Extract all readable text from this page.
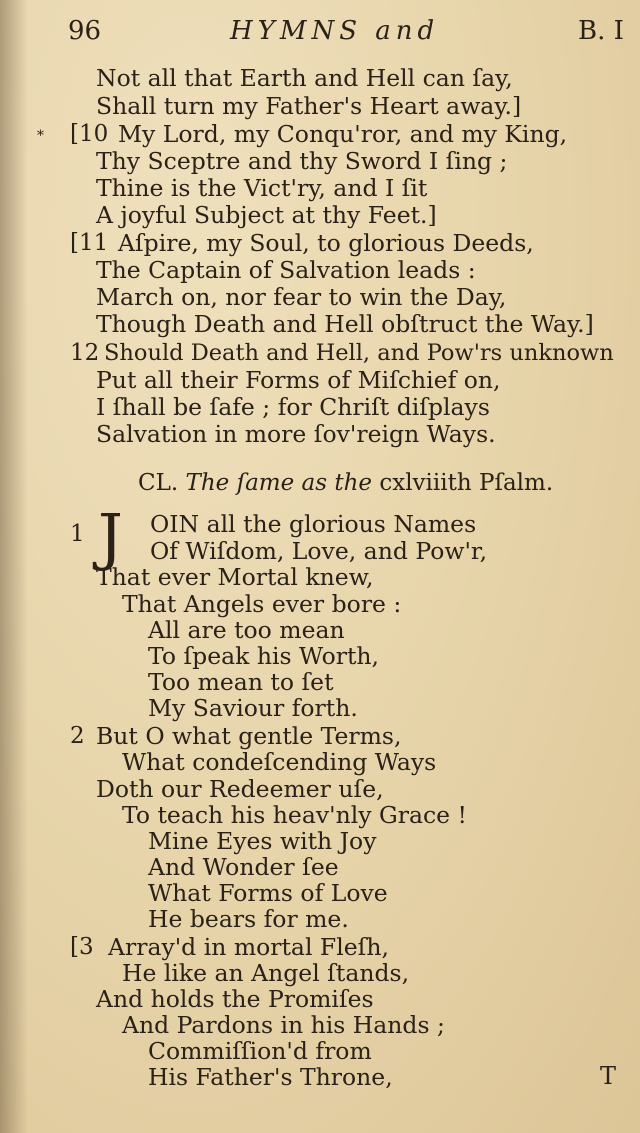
96	HYMNS and	B. I
*
Not all that Earth and Hell can ſay,
Shall turn my Father's Heart away.]
[10 My Lord, my Conqu'ror, and my King,
Thy Sceptre and thy Sword I ſing ;
Thine is the Vict'ry, and I ſit
A joyful Subject at thy Feet.]
[11 Aſpire, my Soul, to glorious Deeds,
The Captain of Salvation leads :
March on, nor fear to win the Day,
Though Death and Hell obſtruct the Way.]
12 Should Death and Hell, and Pow'rs unknown
Put all their Forms of Miſchief on,
I ſhall be ſafe ; for Chriſt diſplays
Salvation in more ſov'reign Ways.
CL. The ſame as the cxlviiith Pſalm.
1 J OIN all the glorious Names
Of Wiſdom, Love, and Pow'r,
That ever Mortal knew,
That Angels ever bore :
All are too mean
To ſpeak his Worth,
Too mean to ſet
My Saviour forth.
2 But O what gentle Terms,
What condeſcending Ways
Doth our Redeemer uſe,
To teach his heav'nly Grace !
Mine Eyes with Joy
And Wonder ſee
What Forms of Love
He bears for me.
[3 Array'd in mortal Fleſh,
He like an Angel ſtands,
And holds the Promiſes
And Pardons in his Hands ;
Commiſſion'd from
His Father's Throne,	T
